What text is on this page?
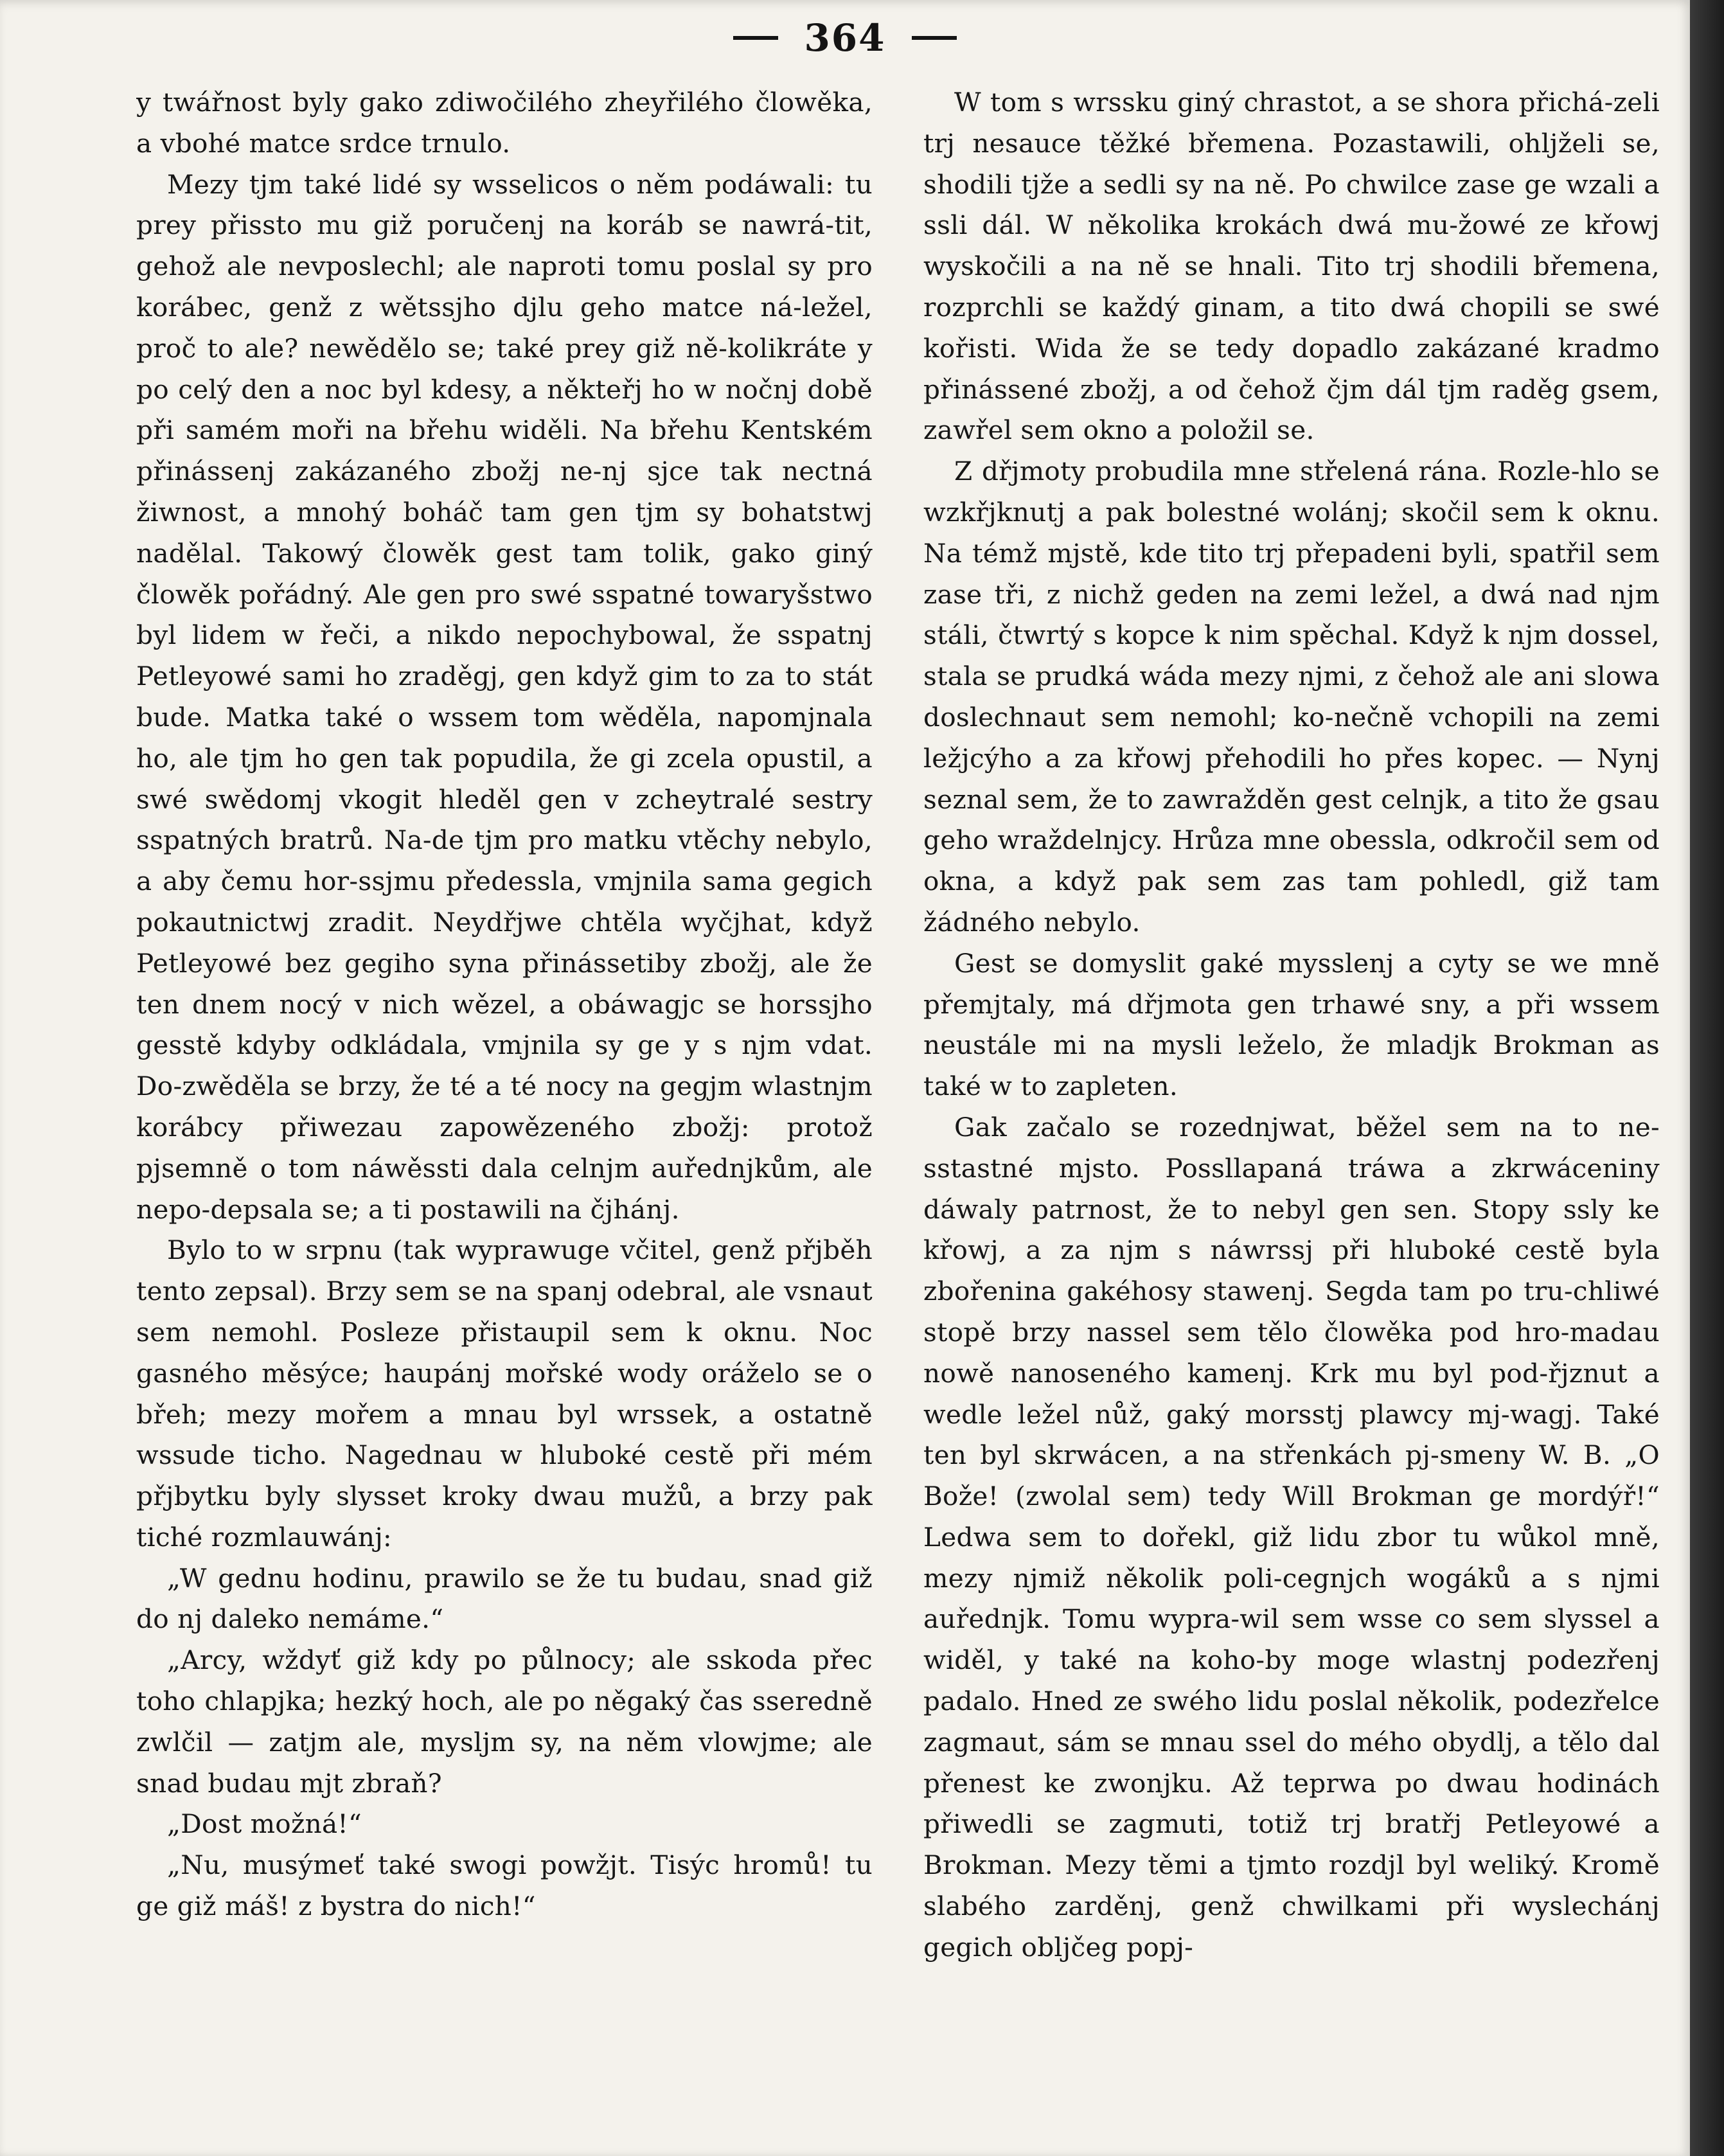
364

y twářnost byly gako zdiwočilého zheyřilého člowěka, a vbohé matce srdce trnulo.

Mezy tjm také lidé sy wsselicos o něm podáwali: tu prey přissto mu giž poručenj na koráb se nawrá-tit, gehož ale nevposlechl; ale naproti tomu poslal sy pro korábec, genž z wětssjho djlu geho matce ná-ležel, proč to ale? newědělo se; také prey giž ně-kolikráte y po celý den a noc byl kdesy, a někteřj ho w nočnj době při samém moři na břehu widěli. Na břehu Kentském přinássenj zakázaného zbožj ne-nj sjce tak nectná žiwnost, a mnohý boháč tam gen tjm sy bohatstwj nadělal. Takowý člowěk gest tam tolik, gako giný člowěk pořádný. Ale gen pro swé sspatné towaryšstwo byl lidem w řeči, a nikdo nepochybowal, že sspatnj Petleyowé sami ho zraděgj, gen když gim to za to stát bude. Matka také o wssem tom wěděla, napomjnala ho, ale tjm ho gen tak popudila, že gi zcela opustil, a swé swědomj vkogit hleděl gen v zcheytralé sestry sspatných bratrů. Na-de tjm pro matku vtěchy nebylo, a aby čemu hor-ssjmu předessla, vmjnila sama gegich pokautnictwj zradit. Neydřjwe chtěla wyčjhat, když Petleyowé bez gegiho syna přinássetiby zbožj, ale že ten dnem nocý v nich wězel, a obáwagjc se horssjho gesstě kdyby odkládala, vmjnila sy ge y s njm vdat. Do-zwěděla se brzy, že té a té nocy na gegjm wlastnjm korábcy přiwezau zapowězeného zbožj: protož pjsemně o tom náwěssti dala celnjm auřednjkům, ale nepo-depsala se; a ti postawili na čjhánj.

Bylo to w srpnu (tak wyprawuge včitel, genž přjběh tento zepsal). Brzy sem se na spanj odebral, ale vsnaut sem nemohl. Posleze přistaupil sem k oknu. Noc gasného měsýce; haupánj mořské wody oráželo se o břeh; mezy mořem a mnau byl wrssek, a ostatně wssude ticho. Nagednau w hluboké cestě při mém přjbytku byly slysset kroky dwau mužů, a brzy pak tiché rozmlauwánj:

„W gednu hodinu, prawilo se že tu budau, snad giž do nj daleko nemáme.“

„Arcy, wždyť giž kdy po půlnocy; ale sskoda přec toho chlapjka; hezký hoch, ale po něgaký čas sseredně zwlčil — zatjm ale, myslјm sy, na něm vlowjme; ale snad budau mjt zbraň?

„Dost možná!“

„Nu, musýmeť také swogi powžjt. Tisýc hromů! tu ge giž máš! z bystra do nich!“

W tom s wrssku giný chrastot, a se shora přichá-zeli trj nesauce těžké břemena. Pozastawili, ohljželi se, shodili tjže a sedli sy na ně. Po chwilce zase ge wzali a ssli dál. W několika krokách dwá mu-žowé ze křowj wyskočili a na ně se hnali. Tito trj shodili břemena, rozprchli se každý ginam, a tito dwá chopili se swé kořisti. Wida že se tedy dopadlo zakázané kradmo přinássené zbožj, a od čehož čjm dál tjm raděg gsem, zawřel sem okno a položil se.

Z dřjmoty probudila mne střelená rána. Rozle-hlo se wzkřjknutj a pak bolestné wolánj; skočil sem k oknu. Na témž mjstě, kde tito trj přepadeni byli, spatřil sem zase tři, z nichž geden na zemi ležel, a dwá nad njm stáli, čtwrtý s kopce k nim spěchal. Když k njm dossel, stala se prudká wáda mezy njmi, z čehož ale ani slowa doslechnaut sem nemohl; ko-nečně vchopili na zemi ležjcýho a za křowj přehodili ho přes kopec. — Nynj seznal sem, že to zawražděn gest celnjk, a tito že gsau geho wraždelnjcy. Hrůza mne obessla, odkročil sem od okna, a když pak sem zas tam pohledl, giž tam žádného nebylo.

Gest se domyslit gaké mysslenj a cyty se we mně přemjtaly, má dřjmota gen trhawé sny, a při wssem neustále mi na mysli leželo, že mladjk Brokman as také w to zapleten.

Gak začalo se rozednjwat, běžel sem na to ne-sstastné mjsto. Possllapaná tráwa a zkrwáceniny dáwaly patrnost, že to nebyl gen sen. Stopy ssly ke křowj, a za njm s náwrssj při hluboké cestě byla zbořenina gakéhosy stawenj. Segda tam po tru-chliwé stopě brzy nassel sem tělo člowěka pod hro-madau nowě nanoseného kamenj. Krk mu byl pod-řjznut a wedle ležel nůž, gaký morsstj plawcy mj-wagj. Také ten byl skrwácen, a na střenkách pj-smeny W. B. „O Bože! (zwolal sem) tedy Will Brokman ge mordýř!“ Ledwa sem to dořekl, giž lidu zbor tu wůkol mně, mezy njmiž několik poli-cegnjch wogáků a s njmi auřednjk. Tomu wypra-wil sem wsse co sem slyssel a widěl, y také na koho-by moge wlastnj podezřenj padalo. Hned ze swého lidu poslal několik, podezřelce zagmaut, sám se mnau ssel do mého obydlj, a tělo dal přenest ke zwonjku. Až teprwa po dwau hodinách přiwedli se zagmuti, totiž trj bratřj Petleyowé a Brokman. Mezy těmi a tjmto rozdjl byl weliký. Kromě slabého zarděnj, genž chwilkami při wyslechánj gegich obljčeg popj-
